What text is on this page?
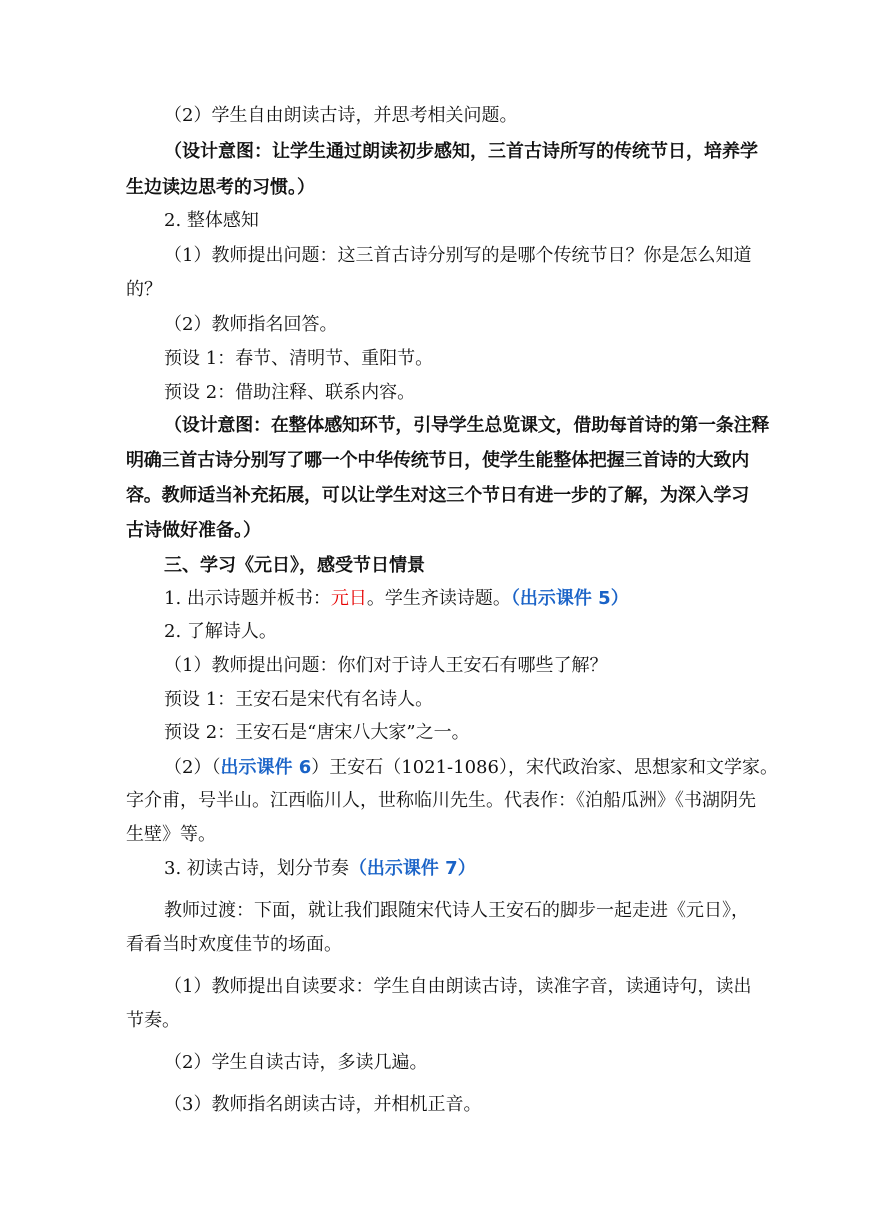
（2）学生自由朗读古诗，并思考相关问题。
（设计意图：让学生通过朗读初步感知，三首古诗所写的传统节日，培养学
生边读边思考的习惯。）
2. 整体感知
（1）教师提出问题：这三首古诗分别写的是哪个传统节日？你是怎么知道
的？
（2）教师指名回答。
预设 1：春节、清明节、重阳节。
预设 2：借助注释、联系内容。
（设计意图：在整体感知环节，引导学生总览课文，借助每首诗的第一条注释
明确三首古诗分别写了哪一个中华传统节日，使学生能整体把握三首诗的大致内
容。教师适当补充拓展，可以让学生对这三个节日有进一步的了解，为深入学习
古诗做好准备。）
三、学习《元日》，感受节日情景
1. 出示诗题并板书：元日。学生齐读诗题。（出示课件 5）
2. 了解诗人。
（1）教师提出问题：你们对于诗人王安石有哪些了解？
预设 1：王安石是宋代有名诗人。
预设 2：王安石是“唐宋八大家”之一。
（2）（出示课件 6）王安石（1021-1086），宋代政治家、思想家和文学家。
字介甫，号半山。江西临川人，世称临川先生。代表作：《泊船瓜洲》《书湖阴先
生壁》等。
3. 初读古诗，划分节奏（出示课件 7）
教师过渡：下面，就让我们跟随宋代诗人王安石的脚步一起走进《元日》，
看看当时欢度佳节的场面。
（1）教师提出自读要求：学生自由朗读古诗，读准字音，读通诗句，读出
节奏。
（2）学生自读古诗，多读几遍。
（3）教师指名朗读古诗，并相机正音。
